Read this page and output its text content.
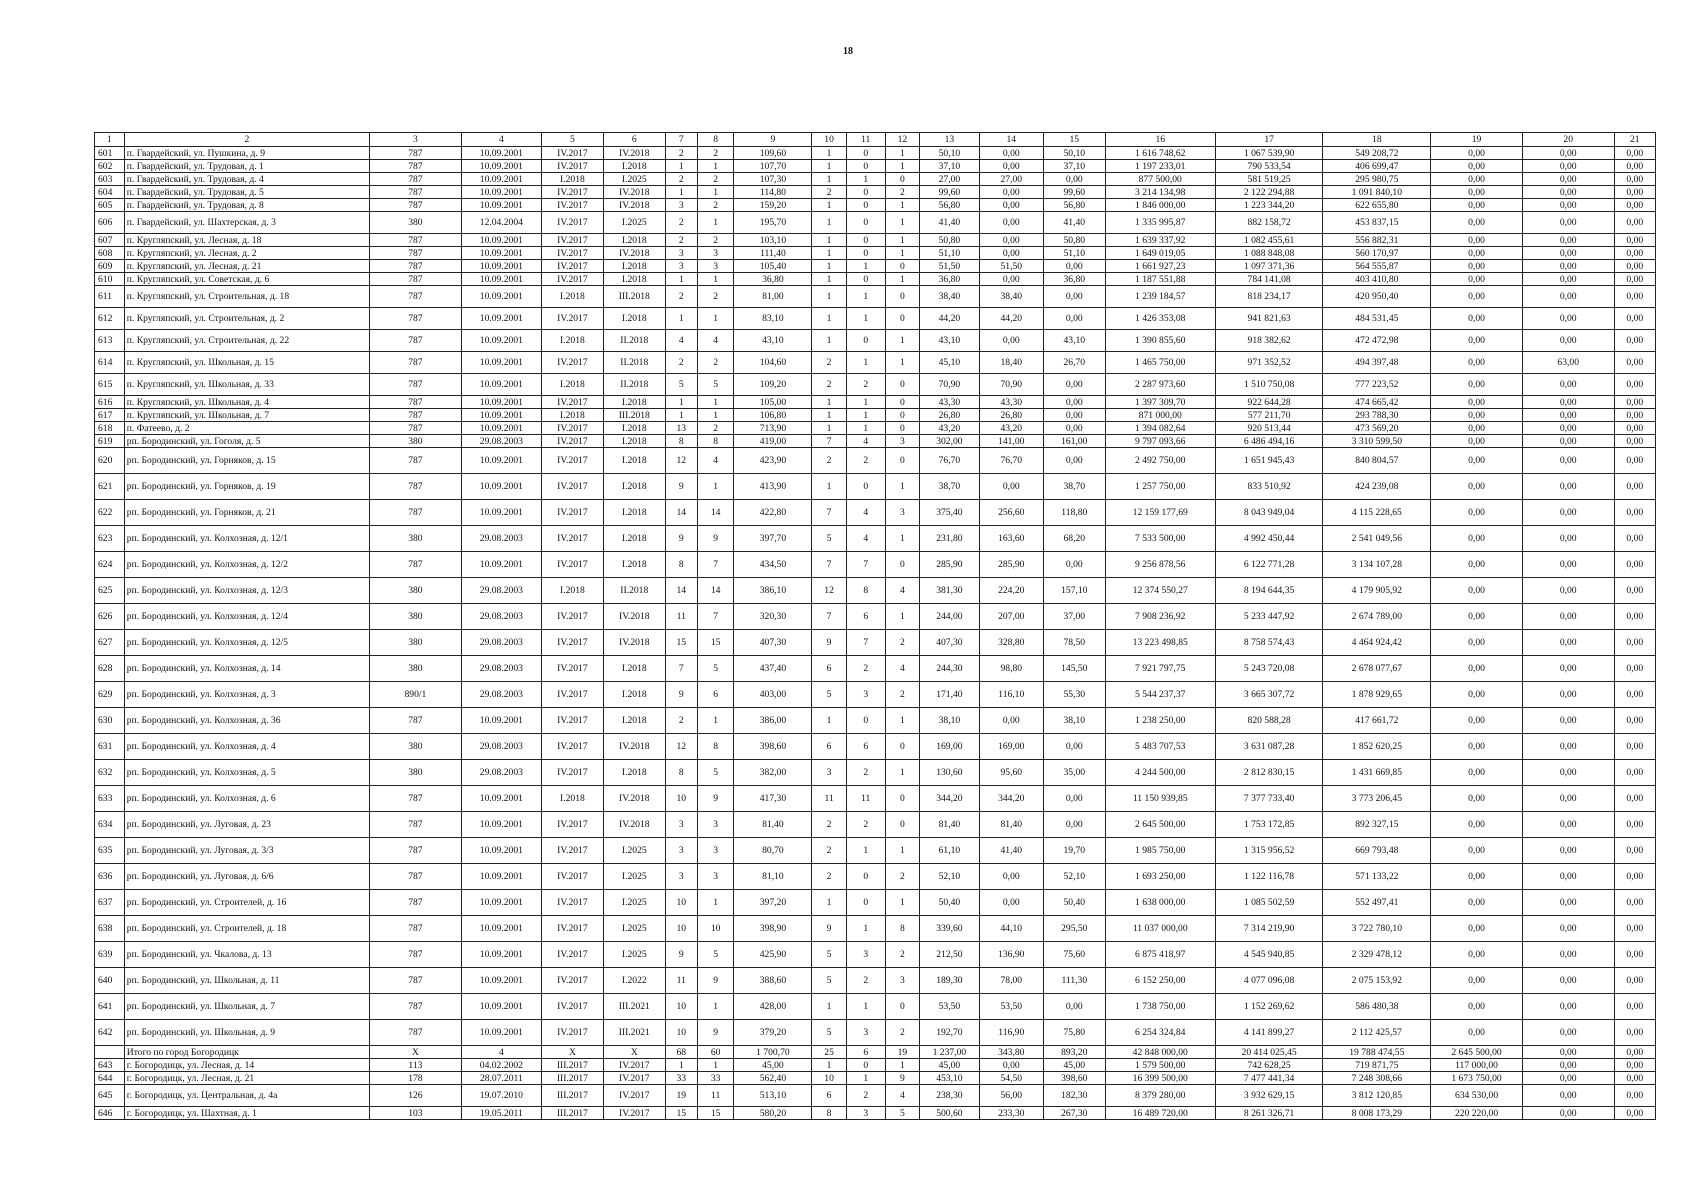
18
1	2	3	4	5	6	7	8	9	10	11	12	13	14	15	16	17	18	19	20	21
601	п. Гвардейский, ул. Пушкина, д. 9	787	10.09.2001	IV.2017	IV.2018	2	2	109,60	1	0	1	50,10	0,00	50,10	1 616 748,62	1 067 539,90	549 208,72	0,00	0,00	0,00
602	п. Гвардейский, ул. Трудовая, д. 1	787	10.09.2001	IV.2017	I.2018	1	1	107,70	1	0	1	37,10	0,00	37,10	1 197 233,01	790 533,54	406 699,47	0,00	0,00	0,00
603	п. Гвардейский, ул. Трудовая, д. 4	787	10.09.2001	I.2018	I.2025	2	2	107,30	1	1	0	27,00	27,00	0,00	877 500,00	581 519,25	295 980,75	0,00	0,00	0,00
604	п. Гвардейский, ул. Трудовая, д. 5	787	10.09.2001	IV.2017	IV.2018	1	1	114,80	2	0	2	99,60	0,00	99,60	3 214 134,98	2 122 294,88	1 091 840,10	0,00	0,00	0,00
605	п. Гвардейский, ул. Трудовая, д. 8	787	10.09.2001	IV.2017	IV.2018	3	2	159,20	1	0	1	56,80	0,00	56,80	1 846 000,00	1 223 344,20	622 655,80	0,00	0,00	0,00
606	п. Гвардейский, ул. Шахтерская, д. 3	380	12.04.2004	IV.2017	I.2025	2	1	195,70	1	0	1	41,40	0,00	41,40	1 335 995,87	882 158,72	453 837,15	0,00	0,00	0,00
607	п. Кругляпский, ул. Лесная, д. 18	787	10.09.2001	IV.2017	I.2018	2	2	103,10	1	0	1	50,80	0,00	50,80	1 639 337,92	1 082 455,61	556 882,31	0,00	0,00	0,00
608	п. Кругляпский, ул. Лесная, д. 2	787	10.09.2001	IV.2017	IV.2018	3	3	111,40	1	0	1	51,10	0,00	51,10	1 649 019,05	1 088 848,08	560 170,97	0,00	0,00	0,00
609	п. Кругляпский, ул. Лесная, д. 21	787	10.09.2001	IV.2017	I.2018	3	3	105,40	1	1	0	51,50	51,50	0,00	1 661 927,23	1 097 371,36	564 555,87	0,00	0,00	0,00
610	п. Кругляпский, ул. Советская, д. 6	787	10.09.2001	IV.2017	I.2018	1	1	36,80	1	0	1	36,80	0,00	36,80	1 187 551,88	784 141,08	403 410,80	0,00	0,00	0,00
611	п. Кругляпский, ул. Строительная, д. 18	787	10.09.2001	I.2018	III.2018	2	2	81,00	1	1	0	38,40	38,40	0,00	1 239 184,57	818 234,17	420 950,40	0,00	0,00	0,00
612	п. Кругляпский, ул. Строительная, д. 2	787	10.09.2001	IV.2017	I.2018	1	1	83,10	1	1	0	44,20	44,20	0,00	1 426 353,08	941 821,63	484 531,45	0,00	0,00	0,00
613	п. Кругляпский, ул. Строительная, д. 22	787	10.09.2001	I.2018	II.2018	4	4	43,10	1	0	1	43,10	0,00	43,10	1 390 855,60	918 382,62	472 472,98	0,00	0,00	0,00
614	п. Кругляпский, ул. Школьная, д. 15	787	10.09.2001	IV.2017	II.2018	2	2	104,60	2	1	1	45,10	18,40	26,70	1 465 750,00	971 352,52	494 397,48	0,00	63,00	0,00
615	п. Кругляпский, ул. Школьная, д. 33	787	10.09.2001	I.2018	II.2018	5	5	109,20	2	2	0	70,90	70,90	0,00	2 287 973,60	1 510 750,08	777 223,52	0,00	0,00	0,00
616	п. Кругляпский, ул. Школьная, д. 4	787	10.09.2001	IV.2017	I.2018	1	1	105,00	1	1	0	43,30	43,30	0,00	1 397 309,70	922 644,28	474 665,42	0,00	0,00	0,00
617	п. Кругляпский, ул. Школьная, д. 7	787	10.09.2001	I.2018	III.2018	1	1	106,80	1	1	0	26,80	26,80	0,00	871 000,00	577 211,70	293 788,30	0,00	0,00	0,00
618	п. Фатеево, д. 2	787	10.09.2001	IV.2017	I.2018	13	2	713,90	1	1	0	43,20	43,20	0,00	1 394 082,64	920 513,44	473 569,20	0,00	0,00	0,00
619	рп. Бородинский, ул. Гоголя, д. 5	380	29.08.2003	IV.2017	I.2018	8	8	419,00	7	4	3	302,00	141,00	161,00	9 797 093,66	6 486 494,16	3 310 599,50	0,00	0,00	0,00
620	рп. Бородинский, ул. Горняков, д. 15	787	10.09.2001	IV.2017	I.2018	12	4	423,90	2	2	0	76,70	76,70	0,00	2 492 750,00	1 651 945,43	840 804,57	0,00	0,00	0,00
621	рп. Бородинский, ул. Горняков, д. 19	787	10.09.2001	IV.2017	I.2018	9	1	413,90	1	0	1	38,70	0,00	38,70	1 257 750,00	833 510,92	424 239,08	0,00	0,00	0,00
622	рп. Бородинский, ул. Горняков, д. 21	787	10.09.2001	IV.2017	I.2018	14	14	422,80	7	4	3	375,40	256,60	118,80	12 159 177,69	8 043 949,04	4 115 228,65	0,00	0,00	0,00
623	рп. Бородинский, ул. Колхозная, д. 12/1	380	29.08.2003	IV.2017	I.2018	9	9	397,70	5	4	1	231,80	163,60	68,20	7 533 500,00	4 992 450,44	2 541 049,56	0,00	0,00	0,00
624	рп. Бородинский, ул. Колхозная, д. 12/2	787	10.09.2001	IV.2017	I.2018	8	7	434,50	7	7	0	285,90	285,90	0,00	9 256 878,56	6 122 771,28	3 134 107,28	0,00	0,00	0,00
625	рп. Бородинский, ул. Колхозная, д. 12/3	380	29.08.2003	I.2018	II.2018	14	14	386,10	12	8	4	381,30	224,20	157,10	12 374 550,27	8 194 644,35	4 179 905,92	0,00	0,00	0,00
626	рп. Бородинский, ул. Колхозная, д. 12/4	380	29.08.2003	IV.2017	IV.2018	11	7	320,30	7	6	1	244,00	207,00	37,00	7 908 236,92	5 233 447,92	2 674 789,00	0,00	0,00	0,00
627	рп. Бородинский, ул. Колхозная, д. 12/5	380	29.08.2003	IV.2017	IV.2018	15	15	407,30	9	7	2	407,30	328,80	78,50	13 223 498,85	8 758 574,43	4 464 924,42	0,00	0,00	0,00
628	рп. Бородинский, ул. Колхозная, д. 14	380	29.08.2003	IV.2017	I.2018	7	5	437,40	6	2	4	244,30	98,80	145,50	7 921 797,75	5 243 720,08	2 678 077,67	0,00	0,00	0,00
629	рп. Бородинский, ул. Колхозная, д. 3	890/1	29.08.2003	IV.2017	I.2018	9	6	403,00	5	3	2	171,40	116,10	55,30	5 544 237,37	3 665 307,72	1 878 929,65	0,00	0,00	0,00
630	рп. Бородинский, ул. Колхозная, д. 36	787	10.09.2001	IV.2017	I.2018	2	1	386,00	1	0	1	38,10	0,00	38,10	1 238 250,00	820 588,28	417 661,72	0,00	0,00	0,00
631	рп. Бородинский, ул. Колхозная, д. 4	380	29.08.2003	IV.2017	IV.2018	12	8	398,60	6	6	0	169,00	169,00	0,00	5 483 707,53	3 631 087,28	1 852 620,25	0,00	0,00	0,00
632	рп. Бородинский, ул. Колхозная, д. 5	380	29.08.2003	IV.2017	I.2018	8	5	382,00	3	2	1	130,60	95,60	35,00	4 244 500,00	2 812 830,15	1 431 669,85	0,00	0,00	0,00
633	рп. Бородинский, ул. Колхозная, д. 6	787	10.09.2001	I.2018	IV.2018	10	9	417,30	11	11	0	344,20	344,20	0,00	11 150 939,85	7 377 733,40	3 773 206,45	0,00	0,00	0,00
634	рп. Бородинский, ул. Луговая, д. 23	787	10.09.2001	IV.2017	IV.2018	3	3	81,40	2	2	0	81,40	81,40	0,00	2 645 500,00	1 753 172,85	892 327,15	0,00	0,00	0,00
635	рп. Бородинский, ул. Луговая, д. 3/3	787	10.09.2001	IV.2017	I.2025	3	3	80,70	2	1	1	61,10	41,40	19,70	1 985 750,00	1 315 956,52	669 793,48	0,00	0,00	0,00
636	рп. Бородинский, ул. Луговая, д. 6/6	787	10.09.2001	IV.2017	I.2025	3	3	81,10	2	0	2	52,10	0,00	52,10	1 693 250,00	1 122 116,78	571 133,22	0,00	0,00	0,00
637	рп. Бородинский, ул. Строителей, д. 16	787	10.09.2001	IV.2017	I.2025	10	1	397,20	1	0	1	50,40	0,00	50,40	1 638 000,00	1 085 502,59	552 497,41	0,00	0,00	0,00
638	рп. Бородинский, ул. Строителей, д. 18	787	10.09.2001	IV.2017	I.2025	10	10	398,90	9	1	8	339,60	44,10	295,50	11 037 000,00	7 314 219,90	3 722 780,10	0,00	0,00	0,00
639	рп. Бородинский, ул. Чкалова, д. 13	787	10.09.2001	IV.2017	I.2025	9	5	425,90	5	3	2	212,50	136,90	75,60	6 875 418,97	4 545 940,85	2 329 478,12	0,00	0,00	0,00
640	рп. Бородинский, ул. Школьная, д. 11	787	10.09.2001	IV.2017	I.2022	11	9	388,60	5	2	3	189,30	78,00	111,30	6 152 250,00	4 077 096,08	2 075 153,92	0,00	0,00	0,00
641	рп. Бородинский, ул. Школьная, д. 7	787	10.09.2001	IV.2017	III.2021	10	1	428,00	1	1	0	53,50	53,50	0,00	1 738 750,00	1 152 269,62	586 480,38	0,00	0,00	0,00
642	рп. Бородинский, ул. Школьная, д. 9	787	10.09.2001	IV.2017	III.2021	10	9	379,20	5	3	2	192,70	116,90	75,80	6 254 324,84	4 141 899,27	2 112 425,57	0,00	0,00	0,00
	Итого по город Богородицк	X	4	X	X	68	60	1 700,70	25	6	19	1 237,00	343,80	893,20	42 848 000,00	20 414 025,45	19 788 474,55	2 645 500,00	0,00	0,00
643	г. Богородицк, ул. Лесная, д. 14	113	04.02.2002	III.2017	IV.2017	1	1	45,00	1	0	1	45,00	0,00	45,00	1 579 500,00	742 628,25	719 871,75	117 000,00	0,00	0,00
644	г. Богородицк, ул. Лесная, д. 21	178	28.07.2011	III.2017	IV.2017	33	33	562,40	10	1	9	453,10	54,50	398,60	16 399 500,00	7 477 441,34	7 248 308,66	1 673 750,00	0,00	0,00
645	г. Богородицк, ул. Центральная, д. 4а	126	19.07.2010	III.2017	IV.2017	19	11	513,10	6	2	4	238,30	56,00	182,30	8 379 280,00	3 932 629,15	3 812 120,85	634 530,00	0,00	0,00
646	г. Богородицк, ул. Шахтная, д. 1	103	19.05.2011	III.2017	IV.2017	15	15	580,20	8	3	5	500,60	233,30	267,30	16 489 720,00	8 261 326,71	8 008 173,29	220 220,00	0,00	0,00
